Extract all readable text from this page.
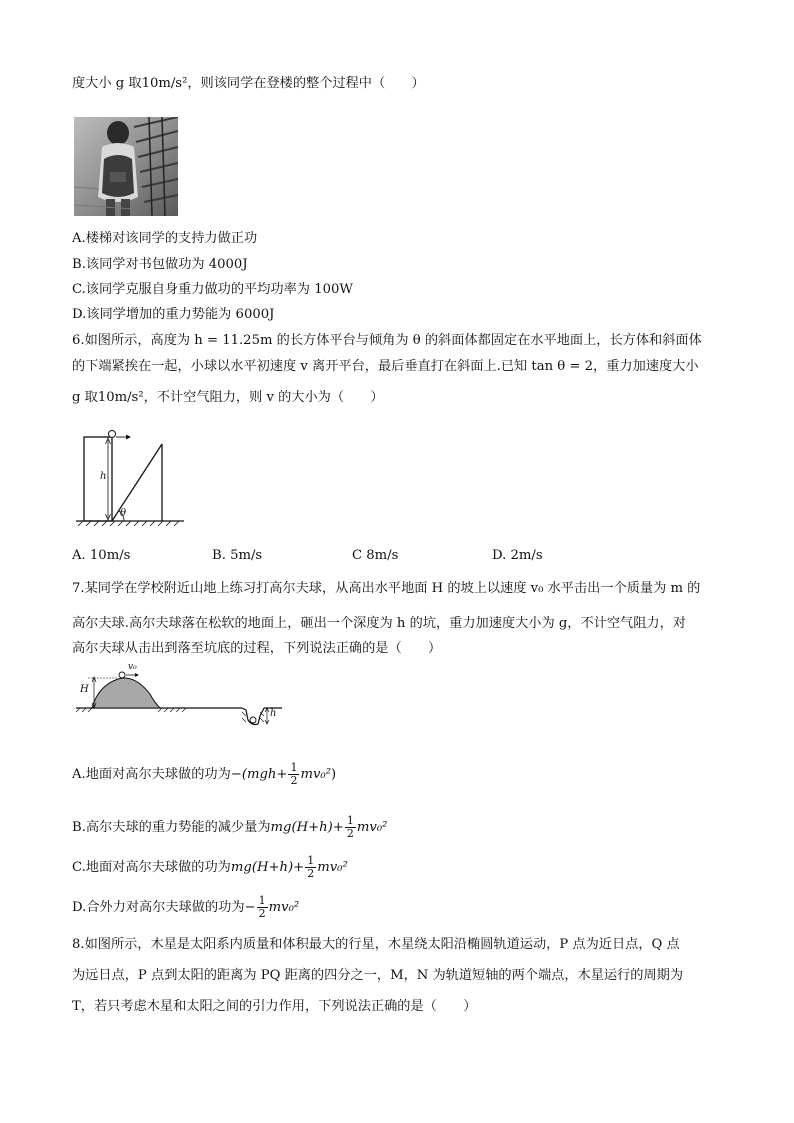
度大小 g 取10m/s²，则该同学在登楼的整个过程中（　　）
A.楼梯对该同学的支持力做正功
B.该同学对书包做功为 4000J
C.该同学克服自身重力做功的平均功率为 100W
D.该同学增加的重力势能为 6000J
6.如图所示，高度为 h = 11.25m 的长方体平台与倾角为 θ 的斜面体都固定在水平地面上，长方体和斜面体
的下端紧挨在一起，小球以水平初速度 v 离开平台，最后垂直打在斜面上.已知 tan θ = 2，重力加速度大小
g 取10m/s²，不计空气阻力，则 v 的大小为（　　）
h
θ
A. 10m/s	B. 5m/s	C 8m/s	D. 2m/s
7.某同学在学校附近山地上练习打高尔夫球，从高出水平地面 H 的坡上以速度 v₀ 水平击出一个质量为 m 的
高尔夫球.高尔夫球落在松软的地面上，砸出一个深度为 h 的坑，重力加速度大小为 g，不计空气阻力，对
高尔夫球从击出到落至坑底的过程，下列说法正确的是（　　）
H
v₀
h
A.地面对高尔夫球做的功为$-(mgh+ \frac{1}{2} mv_0^2)$
B.高尔夫球的重力势能的减少量为$mg(H+h)+ \frac{1}{2} mv_0^2$
C.地面对高尔夫球做的功为$mg(H+h)+ \frac{1}{2} mv_0^2$
D.合外力对高尔夫球做的功为− $\frac{1}{2} mv_0^2$
8.如图所示，木星是太阳系内质量和体积最大的行星，木星绕太阳沿椭圆轨道运动，P 点为近日点，Q 点
为远日点，P 点到太阳的距离为 PQ 距离的四分之一，M，N 为轨道短轴的两个端点，木星运行的周期为
T，若只考虑木星和太阳之间的引力作用，下列说法正确的是（　　）
